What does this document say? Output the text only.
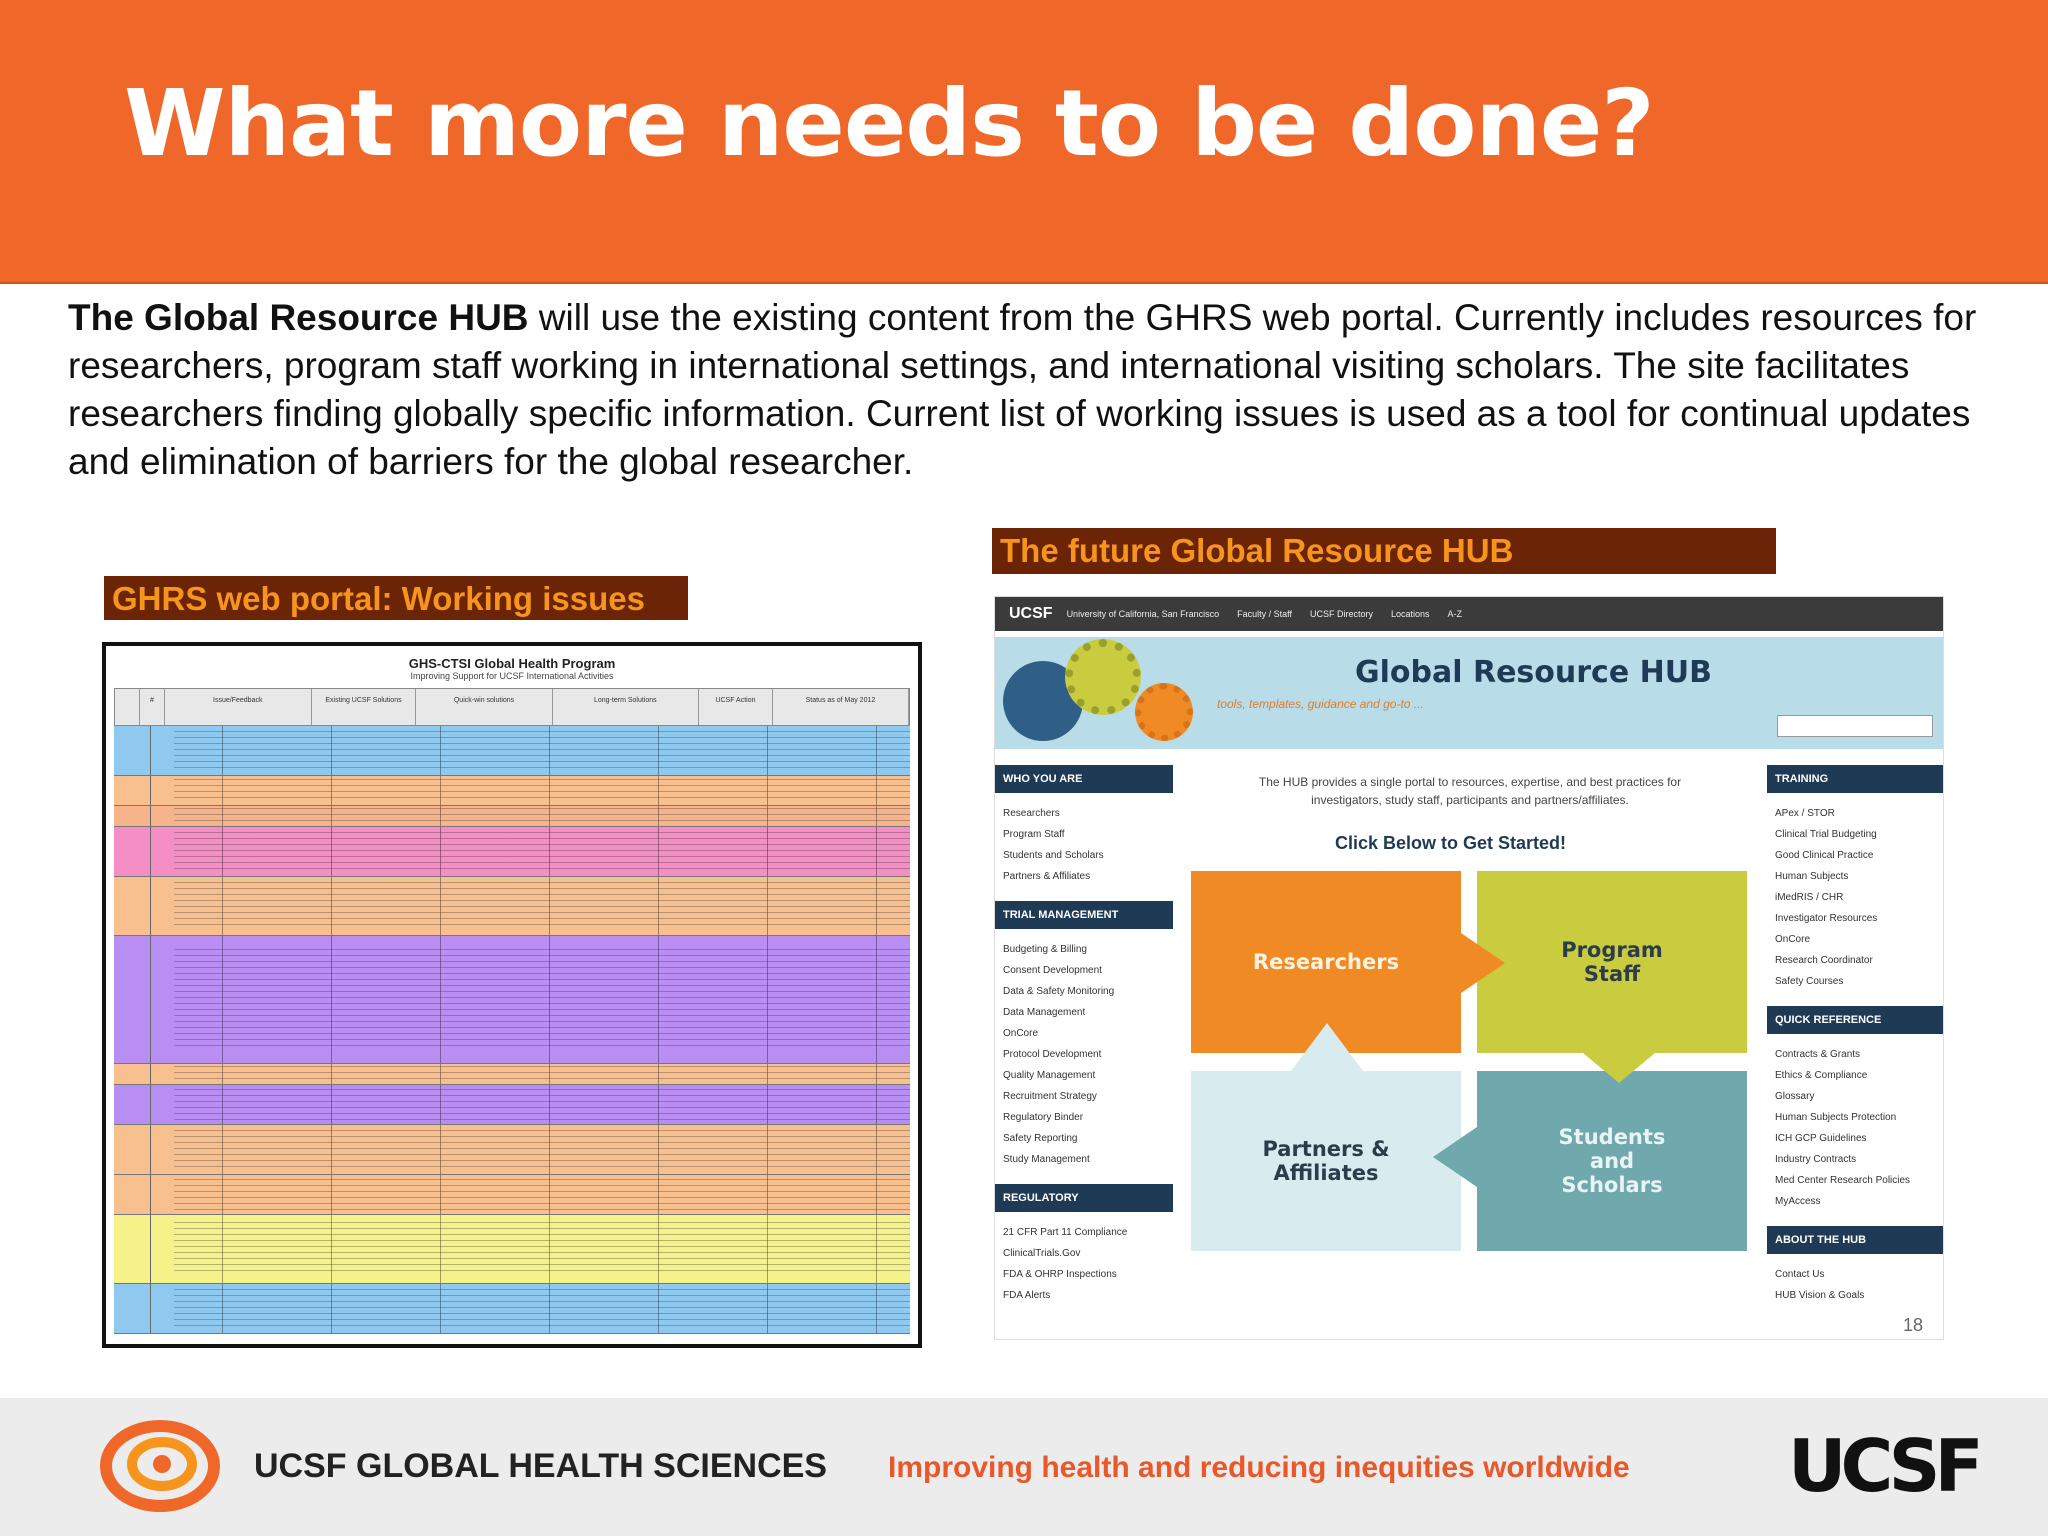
What more needs to be done?
The Global Resource HUB will use the existing content from the GHRS web portal. Currently includes resources for researchers, program staff working in international settings, and international visiting scholars. The site facilitates researchers finding globally specific information. Current list of working issues is used as a tool for continual updates and elimination of barriers for the global researcher.
GHRS web portal: Working issues
The future Global Resource HUB
GHS-CTSI Global Health Program
Improving Support for UCSF International Activities
#	Issue/Feedback	Existing UCSF Solutions	Quick-win solutions	Long-term Solutions	UCSF Action	Status as of May 2012
UCSF University of California, San Francisco Faculty / Staff UCSF Directory Locations A-Z
Global Resource HUB
tools, templates, guidance and go-to ...
WHO YOU ARE
Researchers
Program Staff
Students and Scholars
Partners & Affiliates
TRIAL MANAGEMENT
Budgeting & Billing
Consent Development
Data & Safety Monitoring
Data Management
OnCore
Protocol Development
Quality Management
Recruitment Strategy
Regulatory Binder
Safety Reporting
Study Management
REGULATORY
21 CFR Part 11 Compliance
ClinicalTrials.Gov
FDA & OHRP Inspections
FDA Alerts
TRAINING
APex / STOR
Clinical Trial Budgeting
Good Clinical Practice
Human Subjects
iMedRIS / CHR
Investigator Resources
OnCore
Research Coordinator
Safety Courses
QUICK REFERENCE
Contracts & Grants
Ethics & Compliance
Glossary
Human Subjects Protection
ICH GCP Guidelines
Industry Contracts
Med Center Research Policies
MyAccess
ABOUT THE HUB
Contact Us
HUB Vision & Goals
The HUB provides a single portal to resources, expertise, and best practices for investigators, study staff, participants and partners/affiliates.
Click Below to Get Started!
Researchers	Program Staff
Partners & Affiliates
Students and Scholars
18
UCSF GLOBAL HEALTH SCIENCES Improving health and reducing inequities worldwide UCSF
